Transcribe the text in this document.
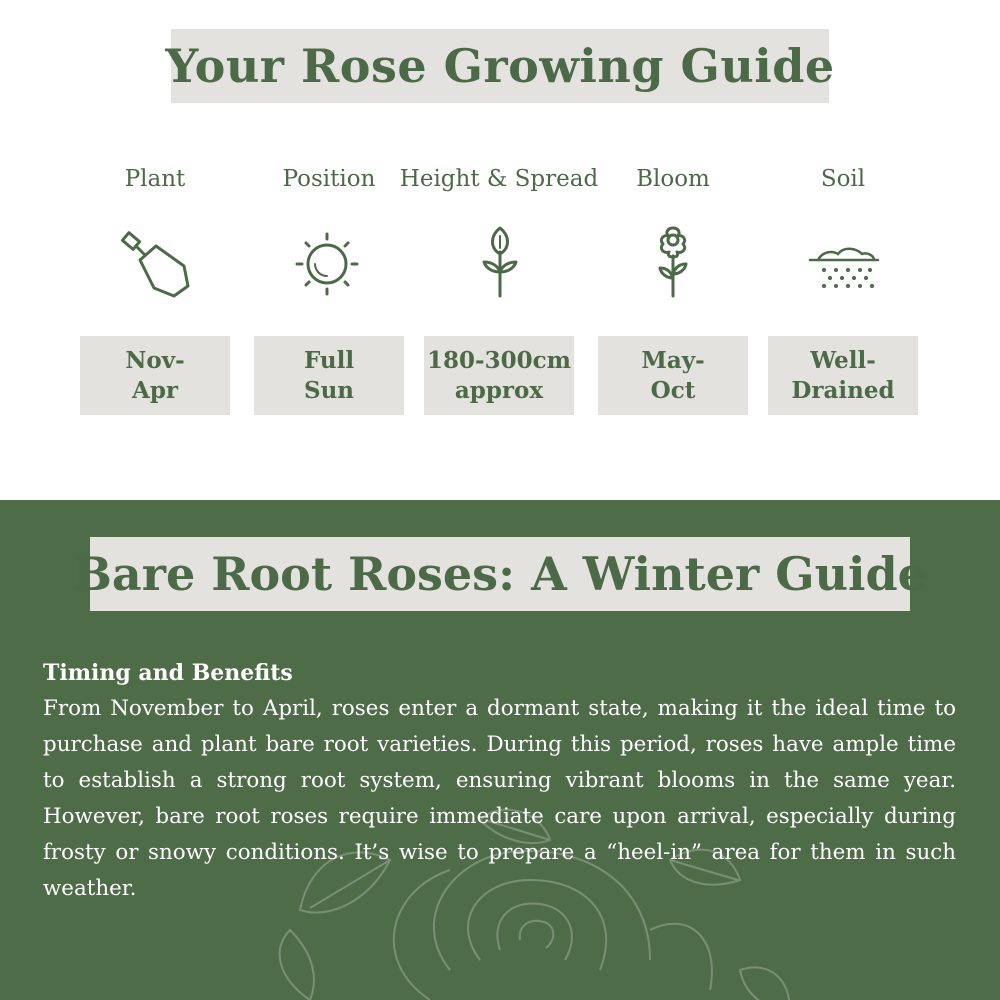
Your Rose Growing Guide
Plant
Nov-
Apr
Position
Full
Sun
Height & Spread
180-300cm
approx
Bloom
May-
Oct
Soil
Well-
Drained
Bare Root Roses: A Winter Guide
Timing and Benefits

From November to April, roses enter a dormant state, making it the ideal time to purchase and plant bare root varieties. During this period, roses have ample time to establish a strong root system, ensuring vibrant blooms in the same year. However, bare root roses require immediate care upon arrival, especially during frosty or snowy conditions. It’s wise to prepare a “heel-in” area for them in such weather.
